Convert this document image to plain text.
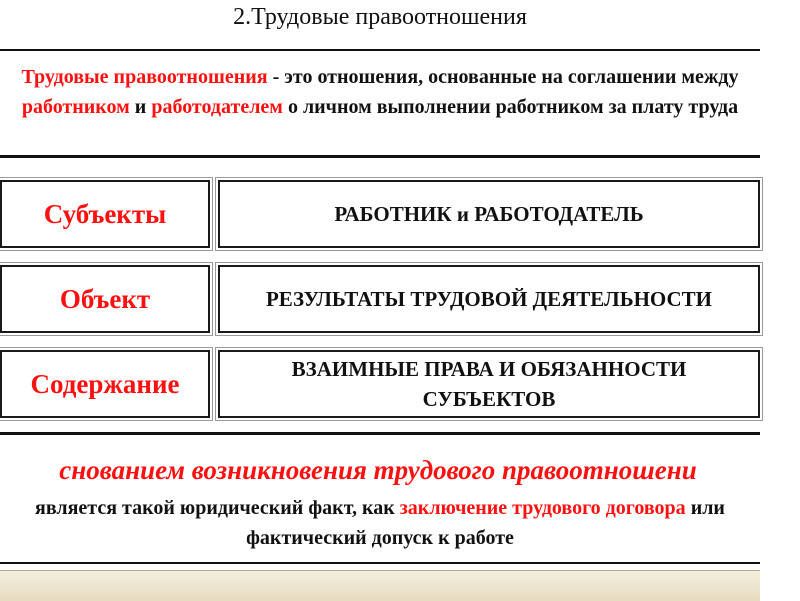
2.Трудовые правоотношения
Трудовые правоотношения - это отношения, основанные на соглашении между работником и работодателем о личном выполнении работником за плату труда
Субъекты	РАБОТНИК и РАБОТОДАТЕЛЬ
Объект	РЕЗУЛЬТАТЫ ТРУДОВОЙ ДЕЯТЕЛЬНОСТИ
Содержание	ВЗАИМНЫЕ ПРАВА И ОБЯЗАННОСТИ СУБЪЕКТОВ
снованием возникновения трудового правоотношени
является такой юридический факт, как заключение трудового договора или фактический допуск к работе
